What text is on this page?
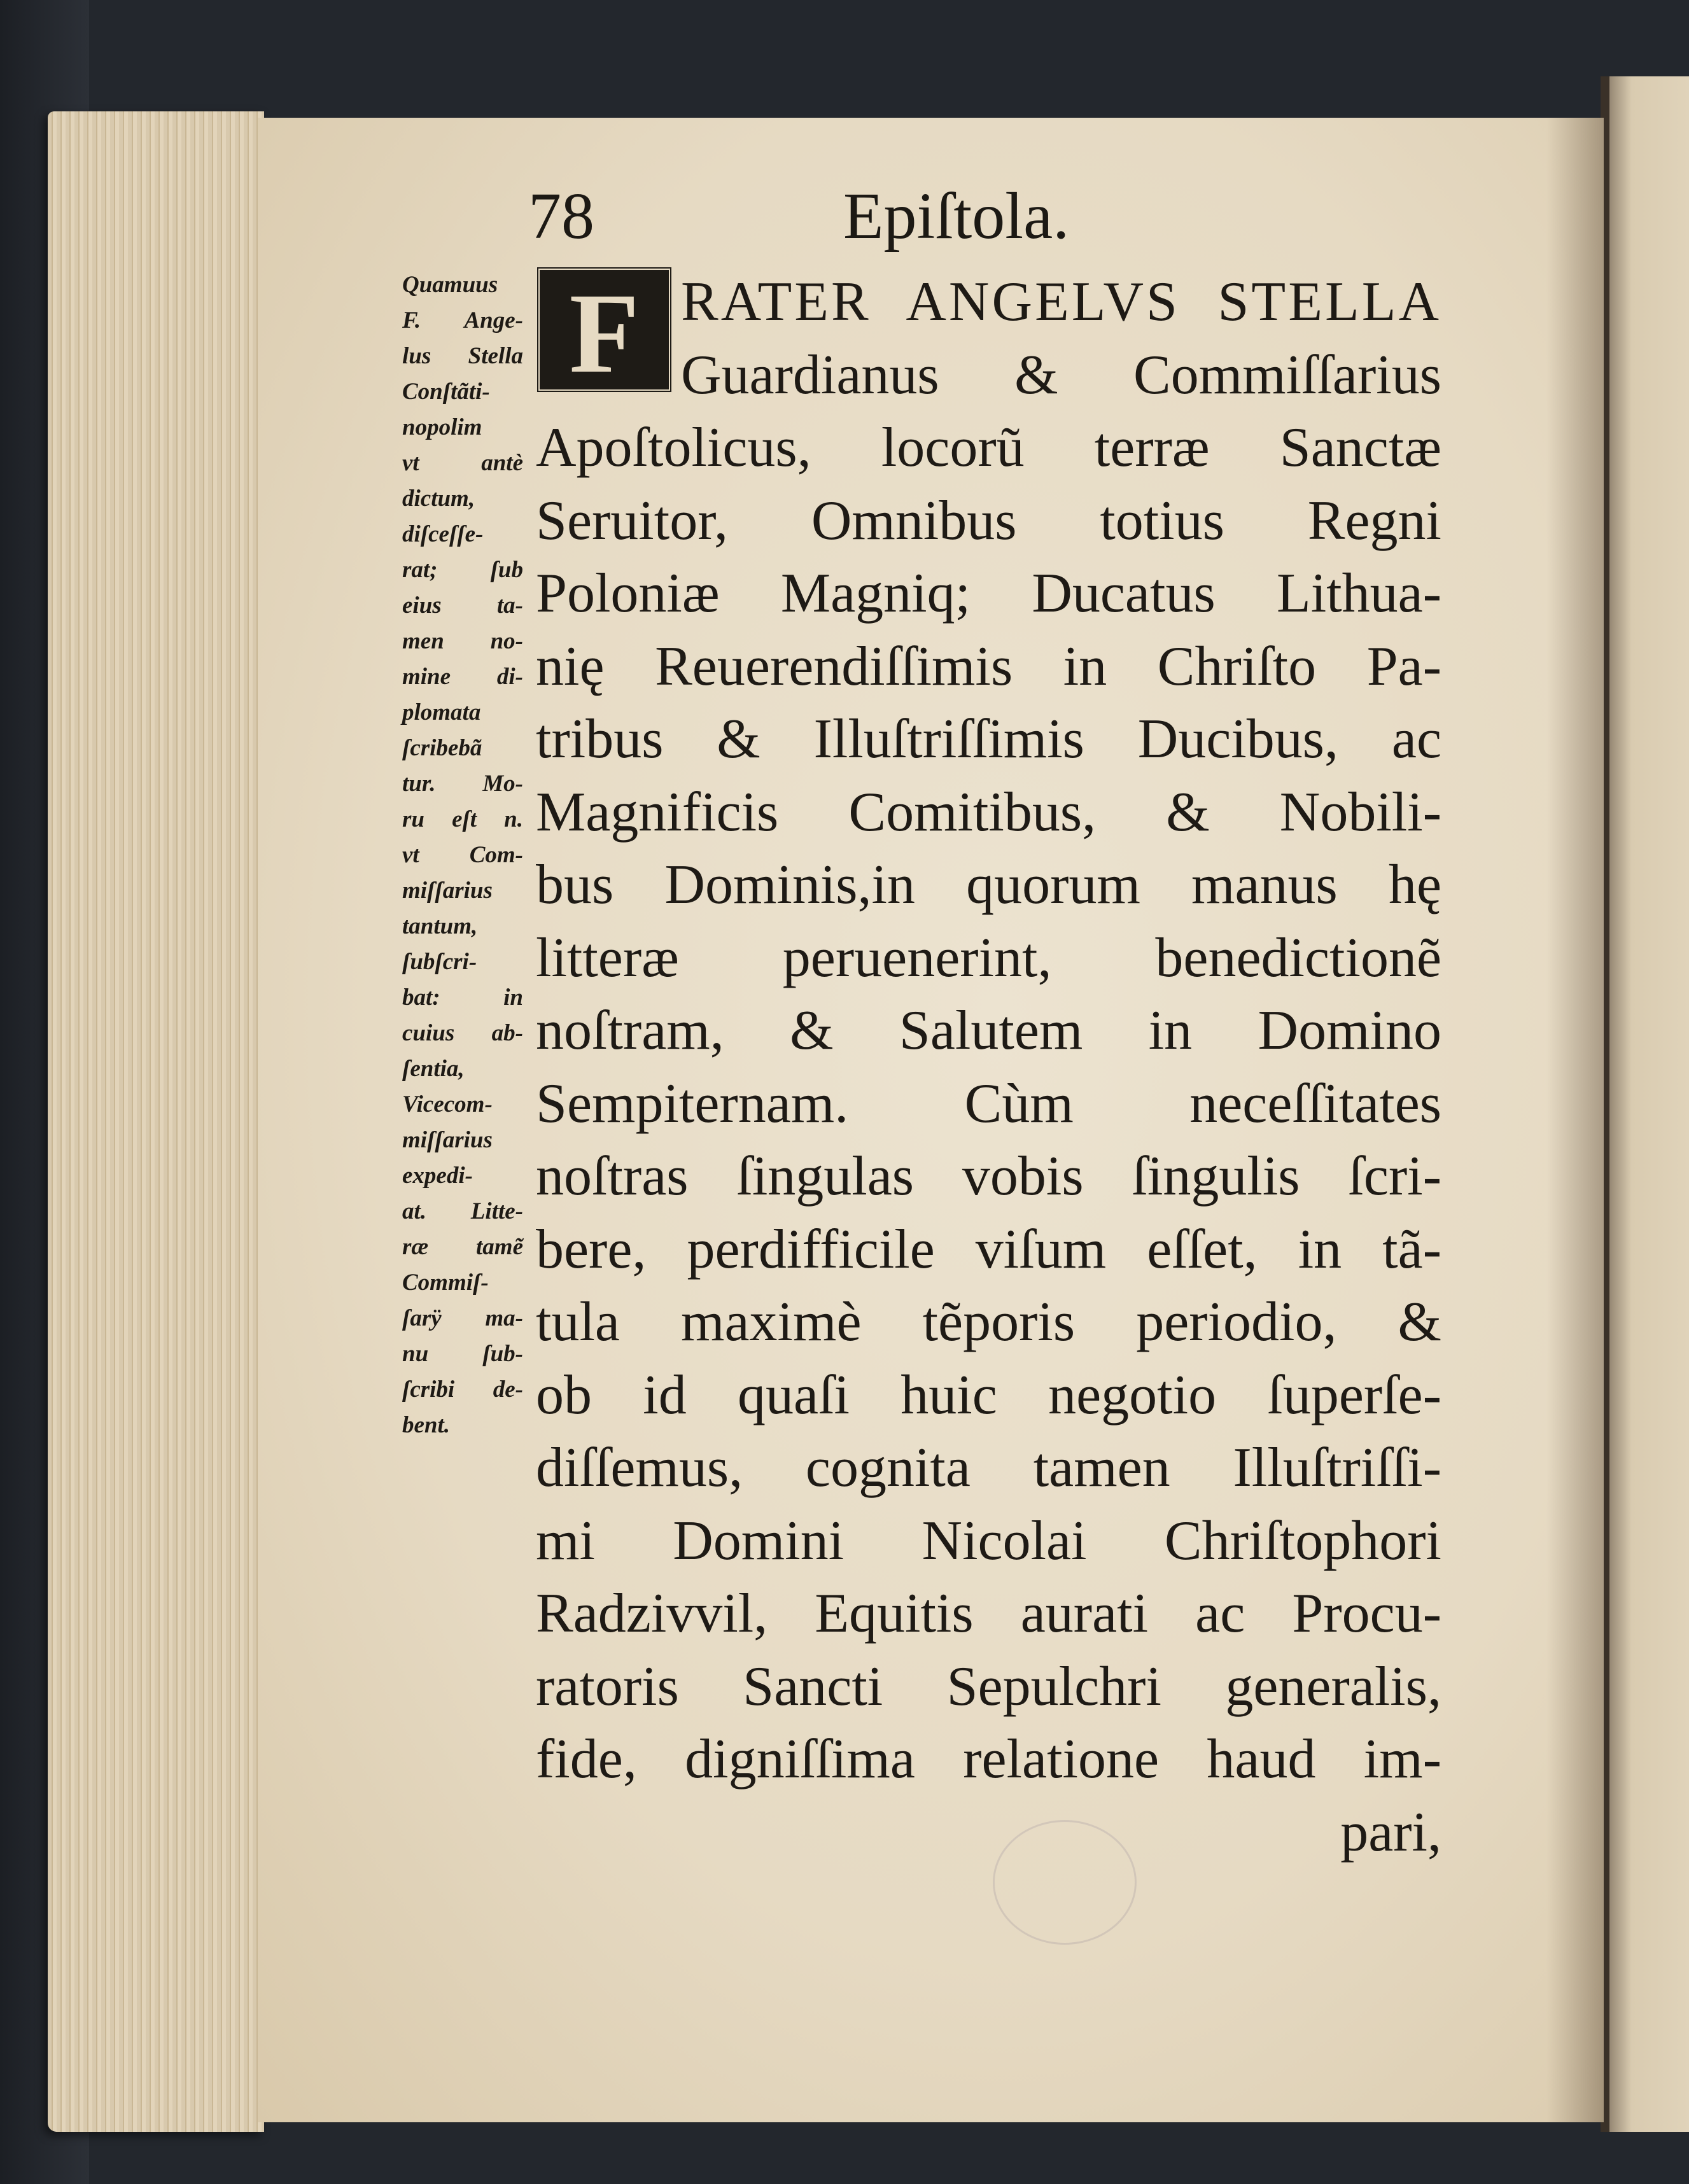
78	Epiſtola.
F RATER ANGELVS STELLA
Guardianus & Commiſſarius
Apoſtolicus, locorũ terræ Sanctæ
Seruitor, Omnibus totius Regni
Poloniæ Magniq; Ducatus Lithua-
nię Reuerendiſſimis in Chriſto Pa-
tribus & Illuſtriſſimis Ducibus, ac
Magnificis Comitibus, & Nobili-
bus Dominis,in quorum manus hę
litteræ peruenerint, benedictionẽ
noſtram, & Salutem in Domino
Sempiternam. Cùm neceſſitates
noſtras ſingulas vobis ſingulis ſcri-
bere, perdifficile viſum eſſet, in tã-
tula maximè tẽporis periodio, &
ob id quaſi huic negotio ſuperſe-
diſſemus, cognita tamen Illuſtriſſi-
mi Domini Nicolai Chriſtophori
Radzivvil, Equitis aurati ac Procu-
ratoris Sancti Sepulchri generalis,
fide, digniſſima relatione haud im-
pari,
Quamuus
F. Ange-
lus Stella
Conſtãti-
nopolim
vt antè
dictum,
diſceſſe-
rat; ſub
eius ta-
men no-
mine di-
plomata
ſcribebã
tur. Mo-
ru eſt n.
vt Com-
miſſarius
tantum,
ſubſcri-
bat: in
cuius ab-
ſentia,
Vicecom-
miſſarius
expedi-
at. Litte-
ræ tamẽ
Commiſ-
ſarÿ ma-
nu ſub-
ſcribi de-
bent.
